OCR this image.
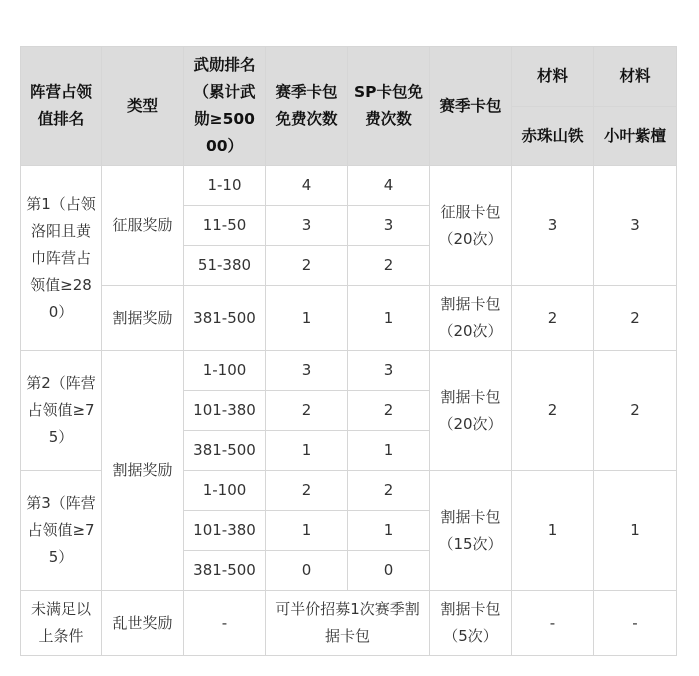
阵营占领值排名	类型	武勋排名（累计武勋≥50000）	赛季卡包免费次数	SP卡包免费次数	赛季卡包	材料	材料
						赤珠山铁	小叶紫檀
第1（占领洛阳且黄巾阵营占领值≥280）	征服奖励	1-10	4	4	征服卡包（20次）	3	3
		11-50	3	3			
		51-380	2	2			
	割据奖励	381-500	1	1	割据卡包（20次）	2	2
第2（阵营占领值≥75）	割据奖励	1-100	3	3	割据卡包（20次）	2	2
		101-380	2	2			
		381-500	1	1			
第3（阵营占领值≥75）		1-100	2	2	割据卡包（15次）	1	1
		101-380	1	1			
		381-500	0	0			
未满足以上条件	乱世奖励	-	可半价招募1次赛季割据卡包		割据卡包（5次）	-	-
